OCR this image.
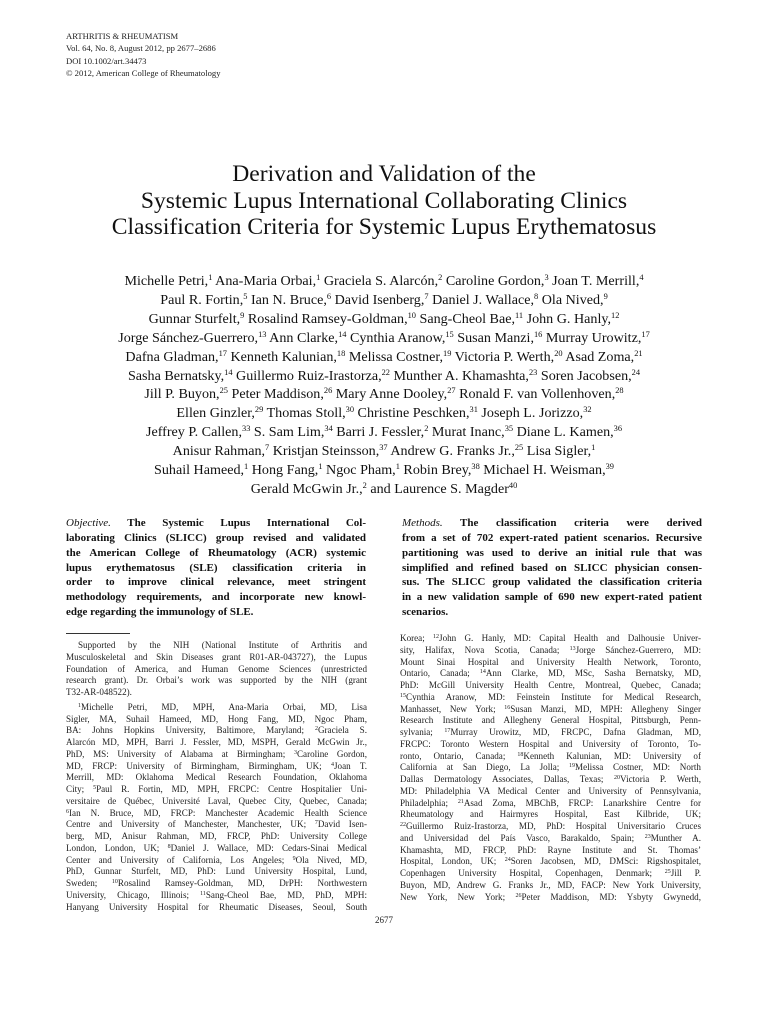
ARTHRITIS & RHEUMATISM
Vol. 64, No. 8, August 2012, pp 2677–2686
DOI 10.1002/art.34473
© 2012, American College of Rheumatology
Derivation and Validation of the
Systemic Lupus International Collaborating Clinics
Classification Criteria for Systemic Lupus Erythematosus
Michelle Petri,$^1$ Ana-Maria Orbai,$^1$ Graciela S. Alarcón,$^2$ Caroline Gordon,$^3$ Joan T. Merrill,$^4$
Paul R. Fortin,$^5$ Ian N. Bruce,$^6$ David Isenberg,$^7$ Daniel J. Wallace,$^8$ Ola Nived,$^9$
Gunnar Sturfelt,$^9$ Rosalind Ramsey-Goldman,$^{10}$ Sang-Cheol Bae,$^{11}$ John G. Hanly,$^{12}$
Jorge Sánchez-Guerrero,$^{13}$ Ann Clarke,$^{14}$ Cynthia Aranow,$^{15}$ Susan Manzi,$^{16}$ Murray Urowitz,$^{17}$
Dafna Gladman,$^{17}$ Kenneth Kalunian,$^{18}$ Melissa Costner,$^{19}$ Victoria P. Werth,$^{20}$ Asad Zoma,$^{21}$
Sasha Bernatsky,$^{14}$ Guillermo Ruiz-Irastorza,$^{22}$ Munther A. Khamashta,$^{23}$ Soren Jacobsen,$^{24}$
Jill P. Buyon,$^{25}$ Peter Maddison,$^{26}$ Mary Anne Dooley,$^{27}$ Ronald F. van Vollenhoven,$^{28}$
Ellen Ginzler,$^{29}$ Thomas Stoll,$^{30}$ Christine Peschken,$^{31}$ Joseph L. Jorizzo,$^{32}$
Jeffrey P. Callen,$^{33}$ S. Sam Lim,$^{34}$ Barri J. Fessler,$^2$ Murat Inanc,$^{35}$ Diane L. Kamen,$^{36}$
Anisur Rahman,$^7$ Kristjan Steinsson,$^{37}$ Andrew G. Franks Jr.,$^{25}$ Lisa Sigler,$^1$
Suhail Hameed,$^1$ Hong Fang,$^1$ Ngoc Pham,$^1$ Robin Brey,$^{38}$ Michael H. Weisman,$^{39}$
Gerald McGwin Jr.,$^2$ and Laurence S. Magder$^{40}$
Objective. The Systemic Lupus International Col-
laborating Clinics (SLICC) group revised and validated
the American College of Rheumatology (ACR) systemic
lupus erythematosus (SLE) classification criteria in
order to improve clinical relevance, meet stringent
methodology requirements, and incorporate new knowl-
edge regarding the immunology of SLE.
Methods. The classification criteria were derived
from a set of 702 expert-rated patient scenarios. Recursive
partitioning was used to derive an initial rule that was
simplified and refined based on SLICC physician consen-
sus. The SLICC group validated the classification criteria
in a new validation sample of 690 new expert-rated patient
scenarios.
Supported by the NIH (National Institute of Arthritis and
Musculoskeletal and Skin Diseases grant R01-AR-043727), the Lupus
Foundation of America, and Human Genome Sciences (unrestricted
research grant). Dr. Orbai’s work was supported by the NIH (grant
T32-AR-048522).
$^1$Michelle Petri, MD, MPH, Ana-Maria Orbai, MD, Lisa
Sigler, MA, Suhail Hameed, MD, Hong Fang, MD, Ngoc Pham,
BA: Johns Hopkins University, Baltimore, Maryland; $^2$Graciela S.
Alarcón MD, MPH, Barri J. Fessler, MD, MSPH, Gerald McGwin Jr.,
PhD, MS: University of Alabama at Birmingham; $^3$Caroline Gordon,
MD, FRCP: University of Birmingham, Birmingham, UK; $^4$Joan T.
Merrill, MD: Oklahoma Medical Research Foundation, Oklahoma
City; $^5$Paul R. Fortin, MD, MPH, FRCPC: Centre Hospitalier Uni-
versitaire de Québec, Université Laval, Quebec City, Quebec, Canada;
$^6$Ian N. Bruce, MD, FRCP: Manchester Academic Health Science
Centre and University of Manchester, Manchester, UK; $^7$David Isen-
berg, MD, Anisur Rahman, MD, FRCP, PhD: University College
London, London, UK; $^8$Daniel J. Wallace, MD: Cedars-Sinai Medical
Center and University of California, Los Angeles; $^9$Ola Nived, MD,
PhD, Gunnar Sturfelt, MD, PhD: Lund University Hospital, Lund,
Sweden; $^{10}$Rosalind Ramsey-Goldman, MD, DrPH: Northwestern
University, Chicago, Illinois; $^{11}$Sang-Cheol Bae, MD, PhD, MPH:
Hanyang University Hospital for Rheumatic Diseases, Seoul, South
Korea; $^{12}$John G. Hanly, MD: Capital Health and Dalhousie Univer-
sity, Halifax, Nova Scotia, Canada; $^{13}$Jorge Sánchez-Guerrero, MD:
Mount Sinai Hospital and University Health Network, Toronto,
Ontario, Canada; $^{14}$Ann Clarke, MD, MSc, Sasha Bernatsky, MD,
PhD: McGill University Health Centre, Montreal, Quebec, Canada;
$^{15}$Cynthia Aranow, MD: Feinstein Institute for Medical Research,
Manhasset, New York; $^{16}$Susan Manzi, MD, MPH: Allegheny Singer
Research Institute and Allegheny General Hospital, Pittsburgh, Penn-
sylvania; $^{17}$Murray Urowitz, MD, FRCPC, Dafna Gladman, MD,
FRCPC: Toronto Western Hospital and University of Toronto, To-
ronto, Ontario, Canada; $^{18}$Kenneth Kalunian, MD: University of
California at San Diego, La Jolla; $^{19}$Melissa Costner, MD: North
Dallas Dermatology Associates, Dallas, Texas; $^{20}$Victoria P. Werth,
MD: Philadelphia VA Medical Center and University of Pennsylvania,
Philadelphia; $^{21}$Asad Zoma, MBChB, FRCP: Lanarkshire Centre for
Rheumatology and Hairmyres Hospital, East Kilbride, UK;
$^{22}$Guillermo Ruiz-Irastorza, MD, PhD: Hospital Universitario Cruces
and Universidad del País Vasco, Barakaldo, Spain; $^{23}$Munther A.
Khamashta, MD, FRCP, PhD: Rayne Institute and St. Thomas’
Hospital, London, UK; $^{24}$Soren Jacobsen, MD, DMSci: Rigshospitalet,
Copenhagen University Hospital, Copenhagen, Denmark; $^{25}$Jill P.
Buyon, MD, Andrew G. Franks Jr., MD, FACP: New York University,
New York, New York; $^{26}$Peter Maddison, MD: Ysbyty Gwynedd,
2677
